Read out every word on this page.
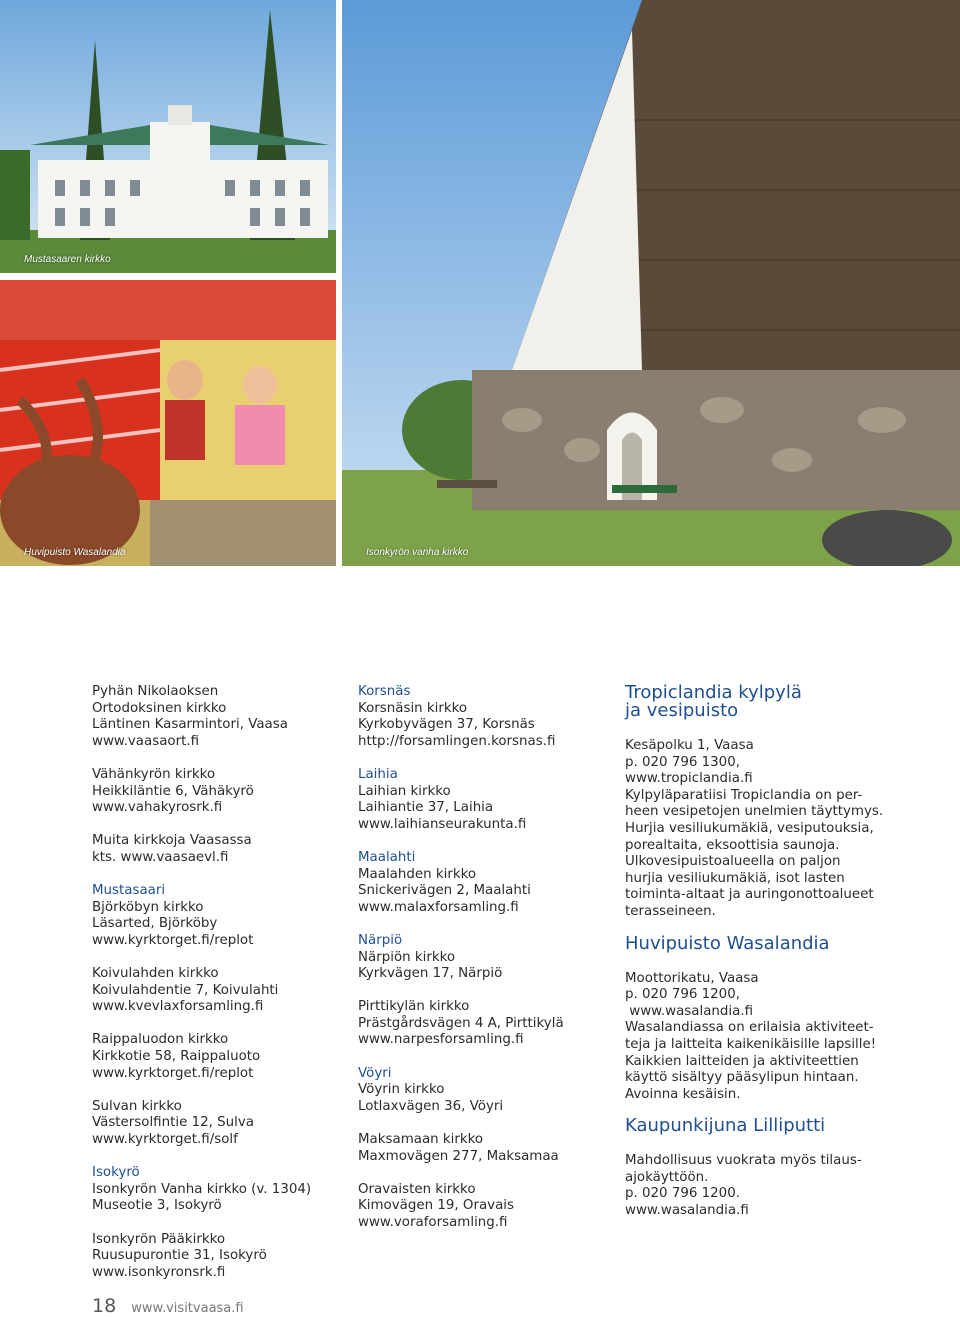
Mustasaaren kirkko
Huvipuisto Wasalandia	Isonkyrön vanha kirkko
Pyhän Nikolaoksen
Ortodoksinen kirkko
Läntinen Kasarmintori, Vaasa
www.vaasaort.fi
Vähänkyrön kirkko
Heikkiläntie 6, Vähäkyrö
www.vahakyrosrk.fi
Muita kirkkoja Vaasassa
kts. www.vaasaevl.fi
Mustasaari
Björköbyn kirkko
Läsarted, Björköby
www.kyrktorget.fi/replot
Koivulahden kirkko
Koivulahdentie 7, Koivulahti
www.kvevlaxforsamling.fi
Raippaluodon kirkko
Kirkkotie 58, Raippaluoto
www.kyrktorget.fi/replot
Sulvan kirkko
Västersolfintie 12, Sulva
www.kyrktorget.fi/solf
Isokyrö
Isonkyrön Vanha kirkko (v. 1304)
Museotie 3, Isokyrö
Isonkyrön Pääkirkko
Ruusupurontie 31, Isokyrö
www.isonkyronsrk.fi
Korsnäs
Korsnäsin kirkko
Kyrkobyvägen 37, Korsnäs
http://forsamlingen.korsnas.fi
Laihia
Laihian kirkko
Laihiantie 37, Laihia
www.laihianseurakunta.fi
Maalahti
Maalahden kirkko
Snickerivägen 2, Maalahti
www.malaxforsamling.fi
Närpiö
Närpiön kirkko
Kyrkvägen 17, Närpiö
Pirttikylän kirkko
Prästgårdsvägen 4 A, Pirttikylä
www.narpesforsamling.fi
Vöyri
Vöyrin kirkko
Lotlaxvägen 36, Vöyri
Maksamaan kirkko
Maxmovägen 277, Maksamaa
Oravaisten kirkko
Kimovägen 19, Oravais
www.voraforsamling.fi
Tropiclandia kylpylä
ja vesipuisto
Kesäpolku 1, Vaasa
p. 020 796 1300,
www.tropiclandia.fi
Kylpyläparatiisi Tropiclandia on per-
heen vesipetojen unelmien täyttymys.
Hurjia vesiliukumäkiä, vesiputouksia,
porealtaita, eksoottisia saunoja.
Ulkovesipuistoalueella on paljon
hurjia vesiliukumäkiä, isot lasten
toiminta-altaat ja auringonottoalueet
terasseineen.
Huvipuisto Wasalandia
Moottorikatu, Vaasa
p. 020 796 1200,
www.wasalandia.fi
Wasalandiassa on erilaisia aktiviteet-
teja ja laitteita kaikenikäisille lapsille!
Kaikkien laitteiden ja aktiviteettien
käyttö sisältyy pääsylipun hintaan.
Avoinna kesäisin.
Kaupunkijuna Lilliputti
Mahdollisuus vuokrata myös tilaus-
ajokäyttöön.
p. 020 796 1200.
www.wasalandia.fi
18 www.visitvaasa.fi
